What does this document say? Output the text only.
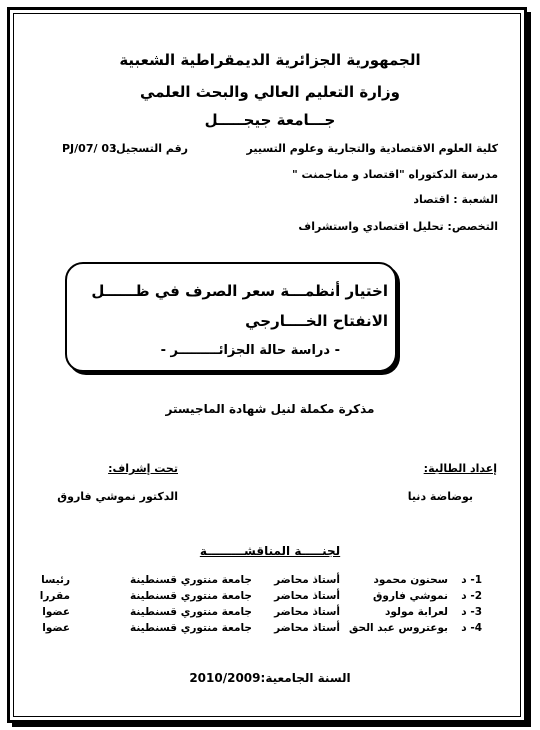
الجمهورية الجزائرية الديمقراطية الشعبية
وزارة التعليم العالي والبحث العلمي
جـــامعة جيجـــــل
كلية العلوم الاقتصادية والتجارية وعلوم التسيير
رقم التسجيل:
PJ/07/ 03
مدرسة الدكتوراه "اقتصاد و مناجمنت "
الشعبة : اقتصاد
التخصص: تحليل اقتصادي واستشراف
اختيار أنظمـــة سعر الصرف في ظــــــل
الانفتاح الخــــارجي
- دراسة حالة الجزائـــــــــر -
مذكرة مكملة لنيل شهادة الماجيستر
إعداد الطالبة:
بوضاضة دنيا
تحت إشراف:
الدكتور نموشي فاروق
لجنـــــة المناقشـــــــــة
1- د
سحنون محمود
أستاذ محاضر
جامعة منتوري قسنطينة
رئيسا
2- د
نموشي فاروق
أستاذ محاضر
جامعة منتوري قسنطينة
مقررا
3- د
لعرابة مولود
أستاذ محاضر
جامعة منتوري قسنطينة
عضوا
4- د
بوعتروس عبد الحق
أستاذ محاضر
جامعة منتوري قسنطينة
عضوا
السنة الجامعية:2010/2009
